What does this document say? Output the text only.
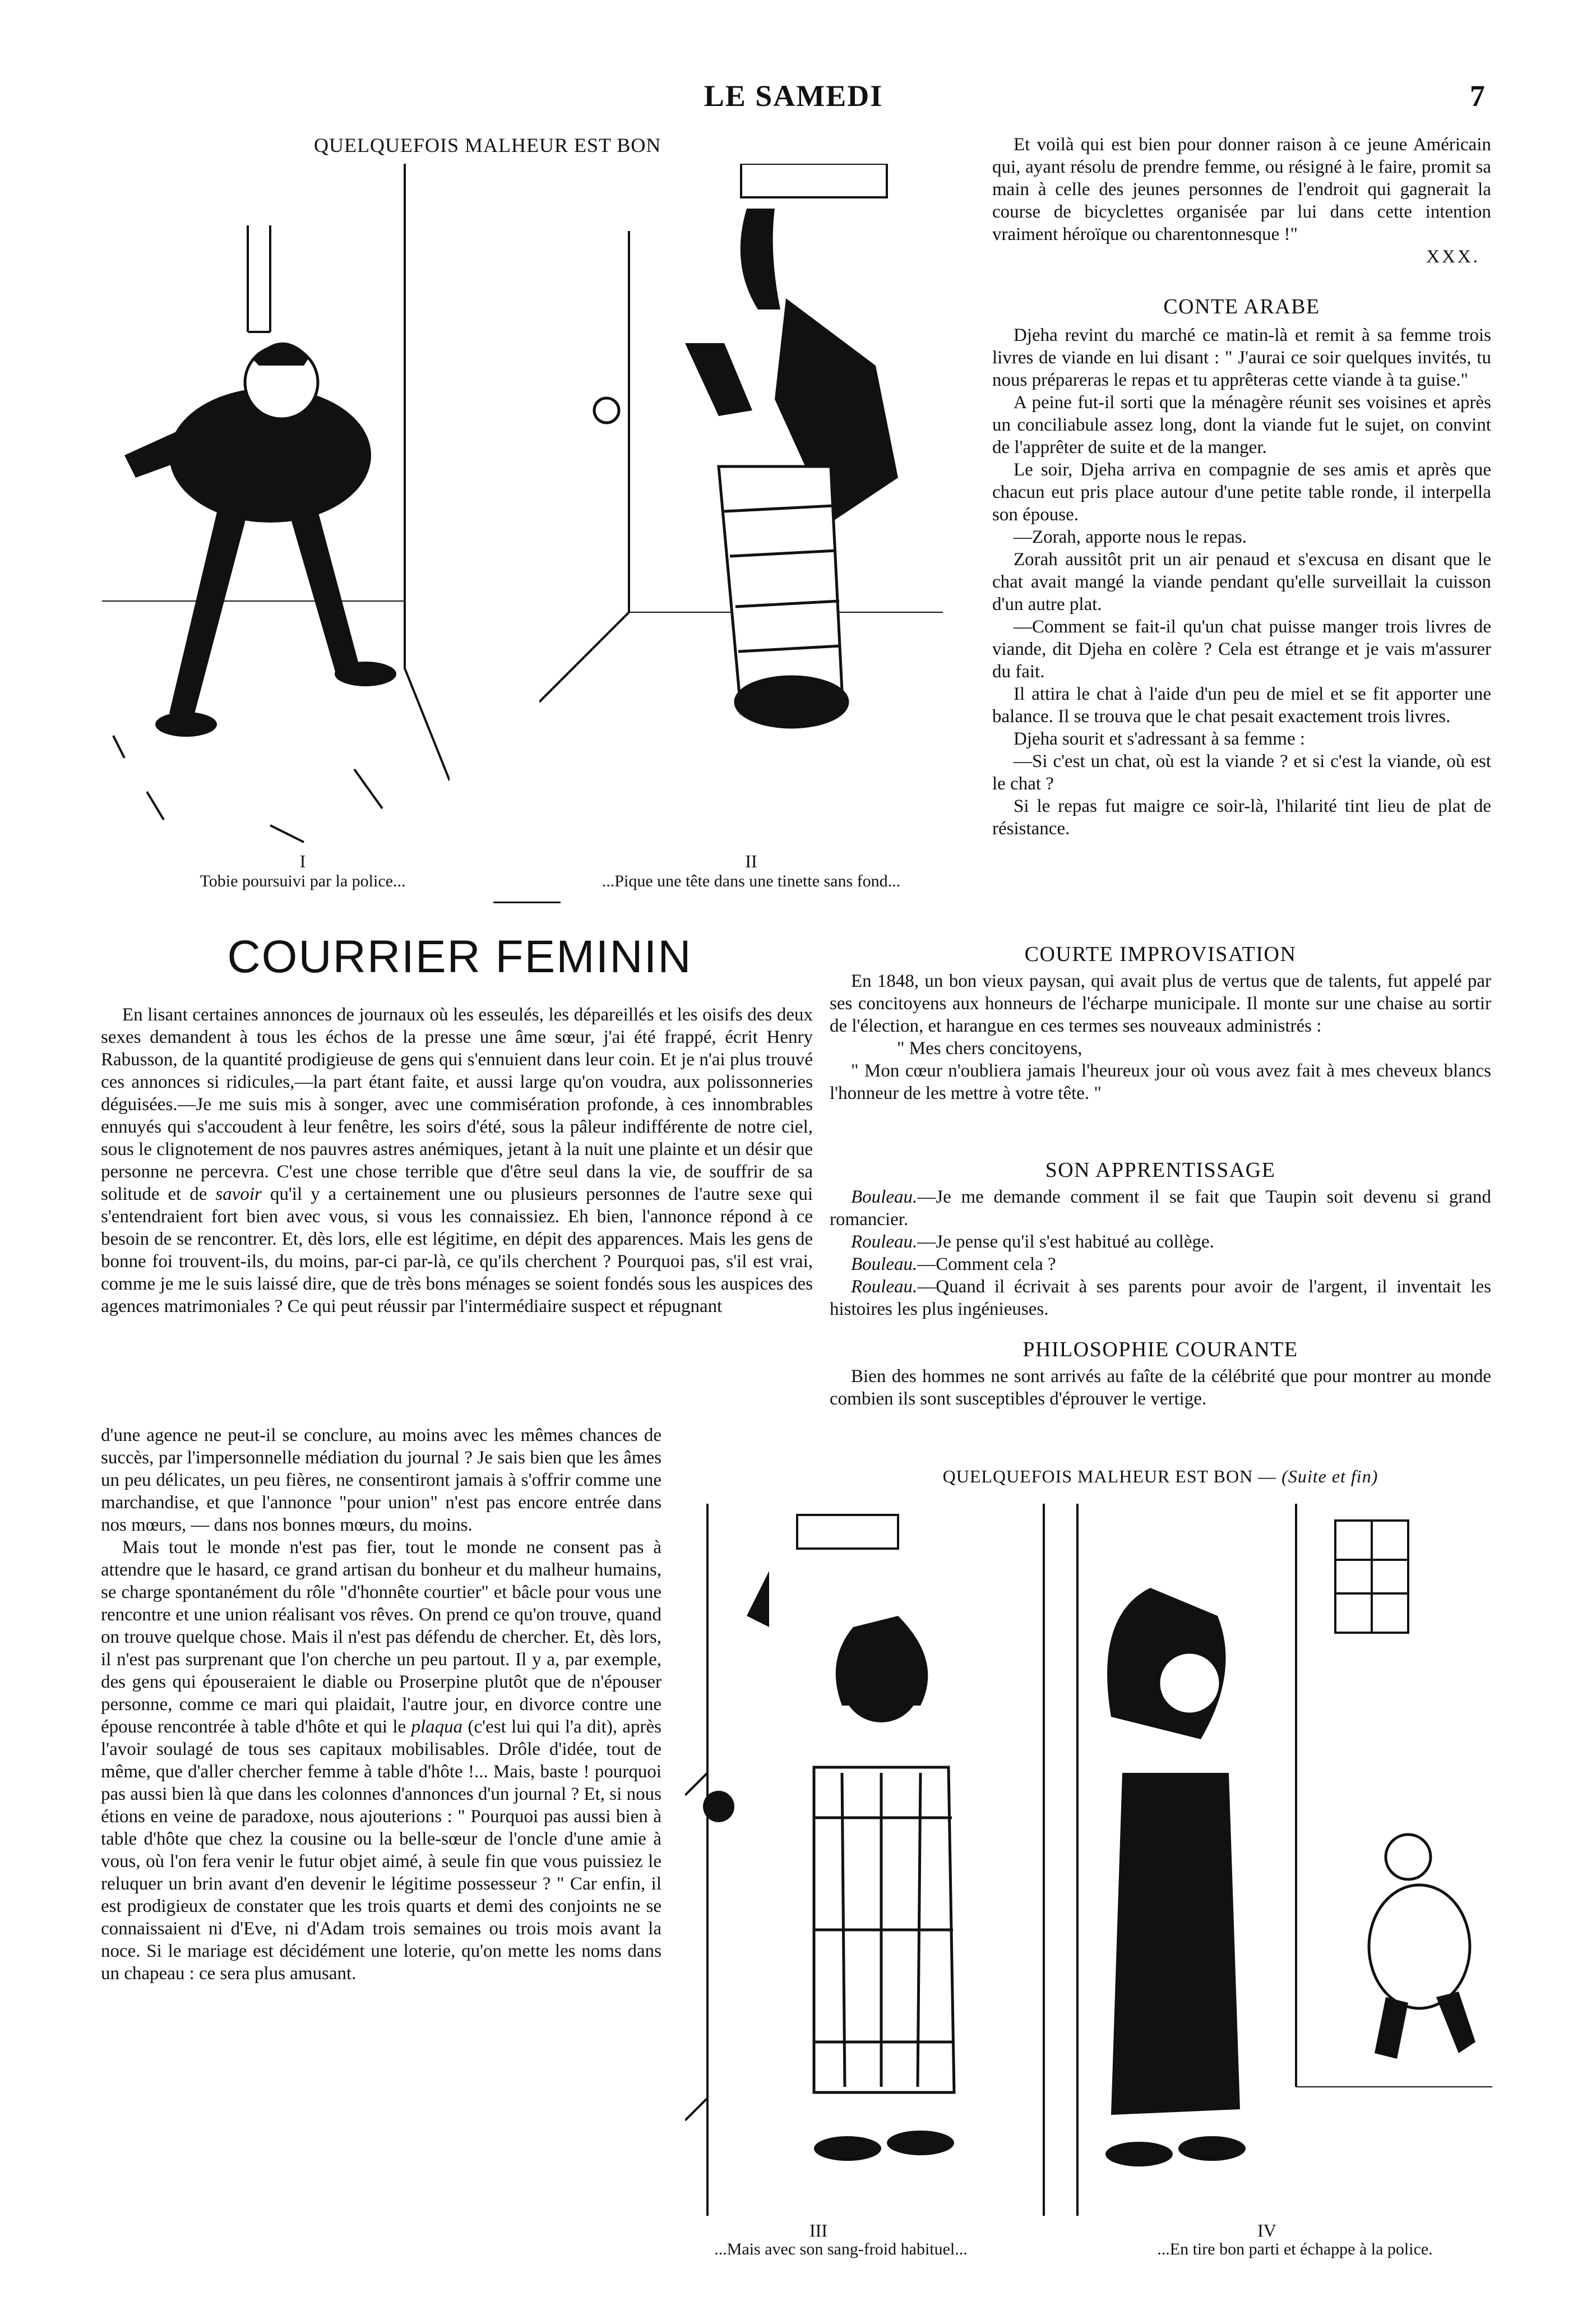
LE SAMEDI	7
QUELQUEFOIS MALHEUR EST BON
I
Tobie poursuivi par la police...
II
...Pique une tête dans une tinette sans fond...

Et voilà qui est bien pour donner raison à ce jeune Américain qui, ayant résolu de prendre femme, ou résigné à le faire, promit sa main à celle des jeunes personnes de l'endroit qui gagnerait la course de bicyclettes organisée par lui dans cette intention vraiment héroïque ou charentonnesque !"

XXX.
CONTE ARABE

Djeha revint du marché ce matin-là et remit à sa femme trois livres de viande en lui disant : " J'aurai ce soir quelques invités, tu nous prépareras le repas et tu apprêteras cette viande à ta guise."

A peine fut-il sorti que la ménagère réunit ses voisines et après un conciliabule assez long, dont la viande fut le sujet, on convint de l'apprêter de suite et de la manger.

Le soir, Djeha arriva en compagnie de ses amis et après que chacun eut pris place autour d'une petite table ronde, il interpella son épouse.

—Zorah, apporte nous le repas.

Zorah aussitôt prit un air penaud et s'excusa en disant que le chat avait mangé la viande pendant qu'elle surveillait la cuisson d'un autre plat.

—Comment se fait-il qu'un chat puisse manger trois livres de viande, dit Djeha en colère ? Cela est étrange et je vais m'assurer du fait.

Il attira le chat à l'aide d'un peu de miel et se fit apporter une balance. Il se trouva que le chat pesait exactement trois livres.

Djeha sourit et s'adressant à sa femme :

—Si c'est un chat, où est la viande ? et si c'est la viande, où est le chat ?

Si le repas fut maigre ce soir-là, l'hilarité tint lieu de plat de résistance.

COURRIER FEMININ

En lisant certaines annonces de journaux où les esseulés, les dépareillés et les oisifs des deux sexes demandent à tous les échos de la presse une âme sœur, j'ai été frappé, écrit Henry Rabusson, de la quantité prodigieuse de gens qui s'ennuient dans leur coin. Et je n'ai plus trouvé ces annonces si ridicules,—la part étant faite, et aussi large qu'on voudra, aux polissonneries déguisées.—Je me suis mis à songer, avec une commisération profonde, à ces innombrables ennuyés qui s'accoudent à leur fenêtre, les soirs d'été, sous la pâleur indifférente de notre ciel, sous le clignotement de nos pauvres astres anémiques, jetant à la nuit une plainte et un désir que personne ne percevra. C'est une chose terrible que d'être seul dans la vie, de souffrir de sa solitude et de savoir qu'il y a certainement une ou plusieurs personnes de l'autre sexe qui s'entendraient fort bien avec vous, si vous les connaissiez. Eh bien, l'annonce répond à ce besoin de se rencontrer. Et, dès lors, elle est légitime, en dépit des apparences. Mais les gens de bonne foi trouvent-ils, du moins, par-ci par-là, ce qu'ils cherchent ? Pourquoi pas, s'il est vrai, comme je me le suis laissé dire, que de très bons ménages se soient fondés sous les auspices des agences matrimoniales ? Ce qui peut réussir par l'intermédiaire suspect et répugnant

d'une agence ne peut-il se conclure, au moins avec les mêmes chances de succès, par l'impersonnelle médiation du journal ? Je sais bien que les âmes un peu délicates, un peu fières, ne consentiront jamais à s'offrir comme une marchandise, et que l'annonce "pour union" n'est pas encore entrée dans nos mœurs, — dans nos bonnes mœurs, du moins.

Mais tout le monde n'est pas fier, tout le monde ne consent pas à attendre que le hasard, ce grand artisan du bonheur et du malheur humains, se charge spontanément du rôle "d'honnête courtier" et bâcle pour vous une rencontre et une union réalisant vos rêves. On prend ce qu'on trouve, quand on trouve quelque chose. Mais il n'est pas défendu de chercher. Et, dès lors, il n'est pas surprenant que l'on cherche un peu partout. Il y a, par exemple, des gens qui épouseraient le diable ou Proserpine plutôt que de n'épouser personne, comme ce mari qui plaidait, l'autre jour, en divorce contre une épouse rencontrée à table d'hôte et qui le plaqua (c'est lui qui l'a dit), après l'avoir soulagé de tous ses capitaux mobilisables. Drôle d'idée, tout de même, que d'aller chercher femme à table d'hôte !... Mais, baste ! pourquoi pas aussi bien là que dans les colonnes d'annonces d'un journal ? Et, si nous étions en veine de paradoxe, nous ajouterions : " Pourquoi pas aussi bien à table d'hôte que chez la cousine ou la belle-sœur de l'oncle d'une amie à vous, où l'on fera venir le futur objet aimé, à seule fin que vous puissiez le reluquer un brin avant d'en devenir le légitime possesseur ? " Car enfin, il est prodigieux de constater que les trois quarts et demi des conjoints ne se connaissaient ni d'Eve, ni d'Adam trois semaines ou trois mois avant la noce. Si le mariage est décidément une loterie, qu'on mette les noms dans un chapeau : ce sera plus amusant.

COURTE IMPROVISATION

En 1848, un bon vieux paysan, qui avait plus de vertus que de talents, fut appelé par ses concitoyens aux honneurs de l'écharpe municipale. Il monte sur une chaise au sortir de l'élection, et harangue en ces termes ses nouveaux administrés :

" Mes chers concitoyens,

" Mon cœur n'oubliera jamais l'heureux jour où vous avez fait à mes cheveux blancs l'honneur de les mettre à votre tête. "

SON APPRENTISSAGE

Bouleau.—Je me demande comment il se fait que Taupin soit devenu si grand romancier.

Rouleau.—Je pense qu'il s'est habitué au collège.

Bouleau.—Comment cela ?

Rouleau.—Quand il écrivait à ses parents pour avoir de l'argent, il inventait les histoires les plus ingénieuses.

PHILOSOPHIE COURANTE

Bien des hommes ne sont arrivés au faîte de la célébrité que pour montrer au monde combien ils sont susceptibles d'éprouver le vertige.

QUELQUEFOIS MALHEUR EST BON — (Suite et fin)
III
...Mais avec son sang-froid habituel...
IV
...En tire bon parti et échappe à la police.
